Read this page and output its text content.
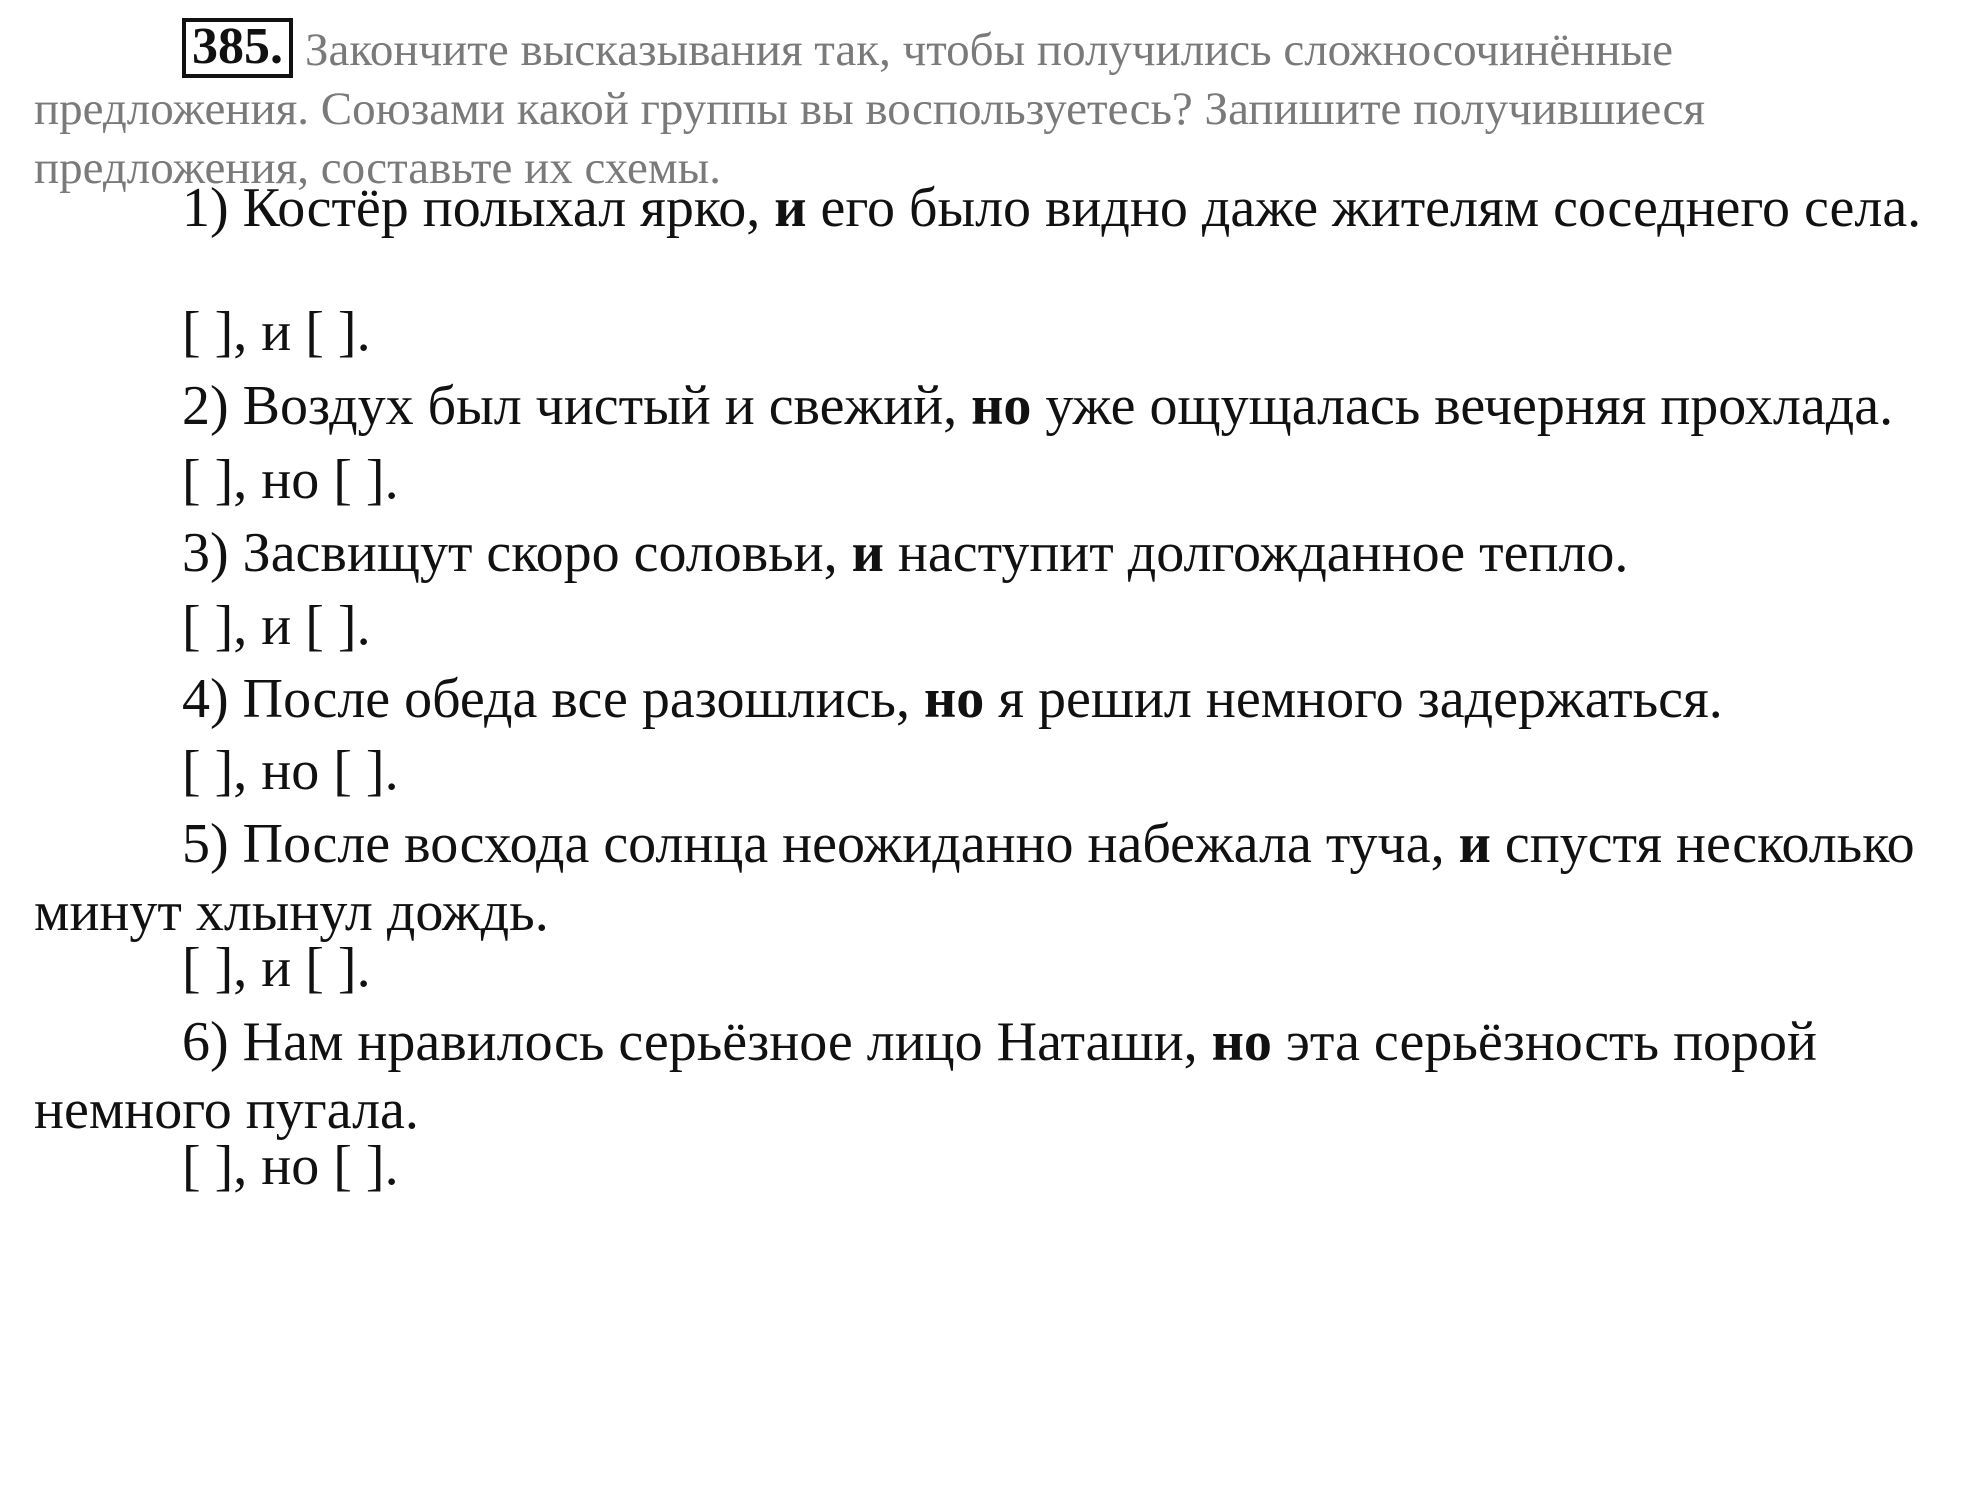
385. Закончите высказывания так, чтобы получились сложносочинённые предложения. Союзами какой группы вы воспользуетесь? Запишите получившиеся предложения, составьте их схемы.
1) Костёр полыхал ярко, и его было видно даже жителям соседнего села.
[ ], и [ ].
2) Воздух был чистый и свежий, но уже ощущалась вечерняя прохлада.
[ ], но [ ].
3) Засвищут скоро соловьи, и наступит долгожданное тепло.
[ ], и [ ].
4) После обеда все разошлись, но я решил немного задержаться.
[ ], но [ ].
5) После восхода солнца неожиданно набежала туча, и спустя несколько минут хлынул дождь.
[ ], и [ ].
6) Нам нравилось серьёзное лицо Наташи, но эта серьёзность порой немного пугала.
[ ], но [ ].
